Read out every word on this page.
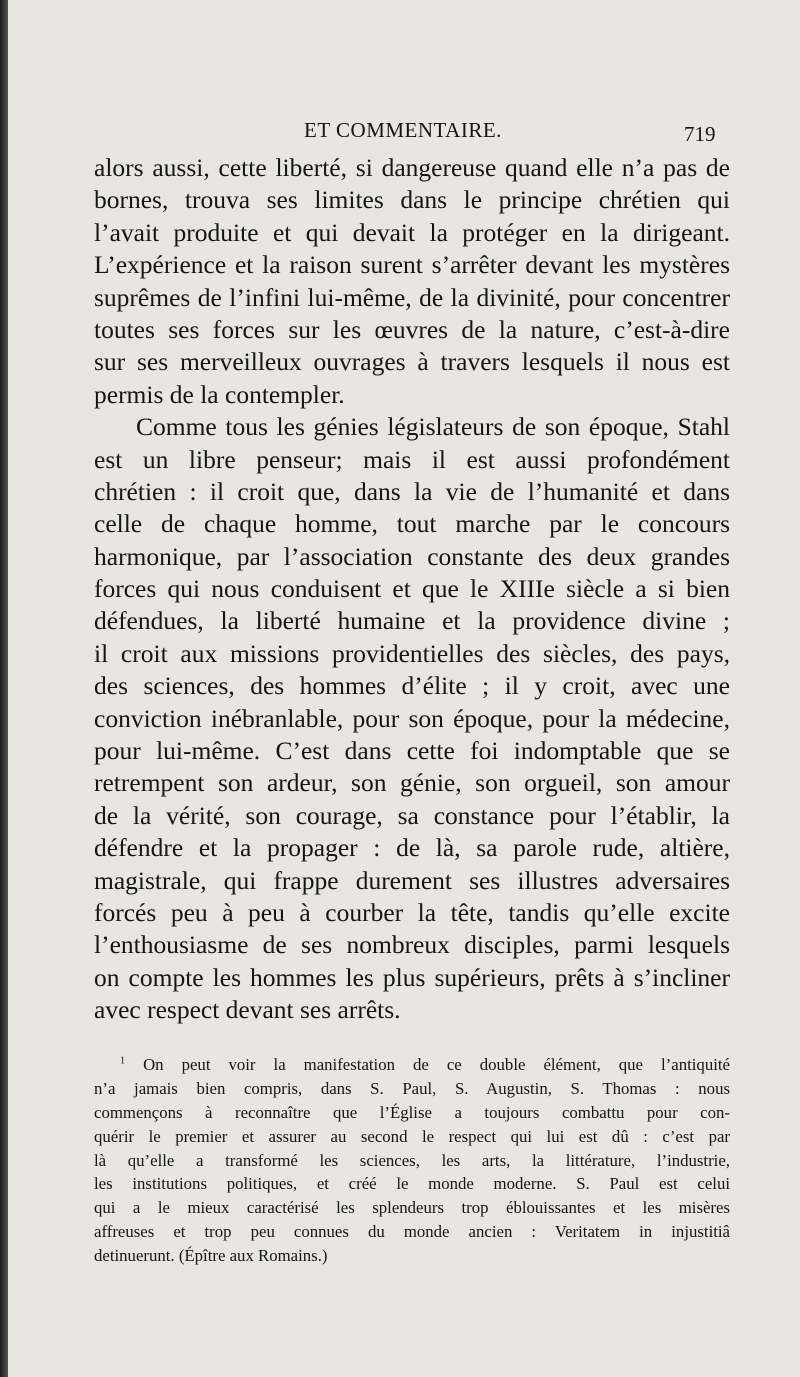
ET COMMENTAIRE.	719
alors aussi, cette liberté, si dangereuse quand elle n’a pas de
bornes, trouva ses limites dans le principe chrétien qui
l’avait produite et qui devait la protéger en la dirigeant.
L’expérience et la raison surent s’arrêter devant les mystères
suprêmes de l’infini lui-même, de la divinité, pour concentrer
toutes ses forces sur les œuvres de la nature, c’est-à-dire
sur ses merveilleux ouvrages à travers lesquels il nous est
permis de la contempler.
Comme tous les génies législateurs de son époque, Stahl
est un libre penseur; mais il est aussi profondément
chrétien : il croit que, dans la vie de l’humanité et dans
celle de chaque homme, tout marche par le concours
harmonique, par l’association constante des deux grandes
forces qui nous conduisent et que le XIIIe siècle a si bien
défendues, la liberté humaine et la providence divine ;
il croit aux missions providentielles des siècles, des pays,
des sciences, des hommes d’élite ; il y croit, avec une
conviction inébranlable, pour son époque, pour la médecine,
pour lui-même. C’est dans cette foi indomptable que se
retrempent son ardeur, son génie, son orgueil, son amour
de la vérité, son courage, sa constance pour l’établir, la
défendre et la propager : de là, sa parole rude, altière,
magistrale, qui frappe durement ses illustres adversaires
forcés peu à peu à courber la tête, tandis qu’elle excite
l’enthousiasme de ses nombreux disciples, parmi lesquels
on compte les hommes les plus supérieurs, prêts à s’incliner
avec respect devant ses arrêts.
$^1$ On peut voir la manifestation de ce double élément, que l’antiquité
n’a jamais bien compris, dans S. Paul, S. Augustin, S. Thomas : nous
commençons à reconnaître que l’Église a toujours combattu pour con-
quérir le premier et assurer au second le respect qui lui est dû : c’est par
là qu’elle a transformé les sciences, les arts, la littérature, l’industrie,
les institutions politiques, et créé le monde moderne. S. Paul est celui
qui a le mieux caractérisé les splendeurs trop éblouissantes et les misères
affreuses et trop peu connues du monde ancien : Veritatem in injustitiâ
detinuerunt. (Épître aux Romains.)
